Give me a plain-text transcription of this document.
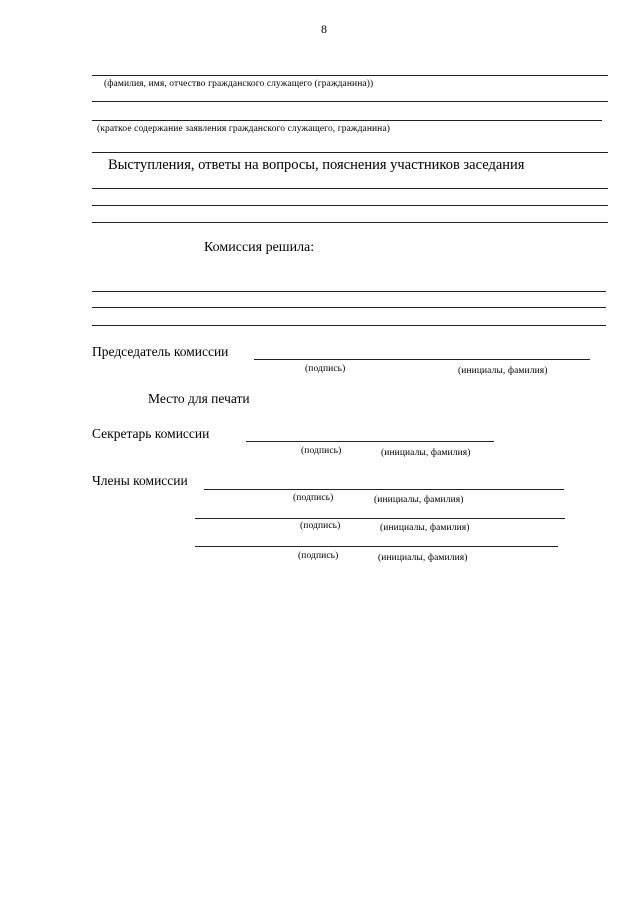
8
(фамилия, имя, отчество гражданского служащего (гражданина))
(краткое содержание заявления гражданского служащего, гражданина)
Выступления, ответы на вопросы, пояснения участников заседания
Комиссия решила:
Председатель комиссии
(подпись)	(инициалы, фамилия)
Место для печати
Секретарь комиссии
(подпись)	(инициалы, фамилия)
Члены комиссии
(подпись)	(инициалы, фамилия)
(подпись)	(инициалы, фамилия)
(подпись)	(инициалы, фамилия)
